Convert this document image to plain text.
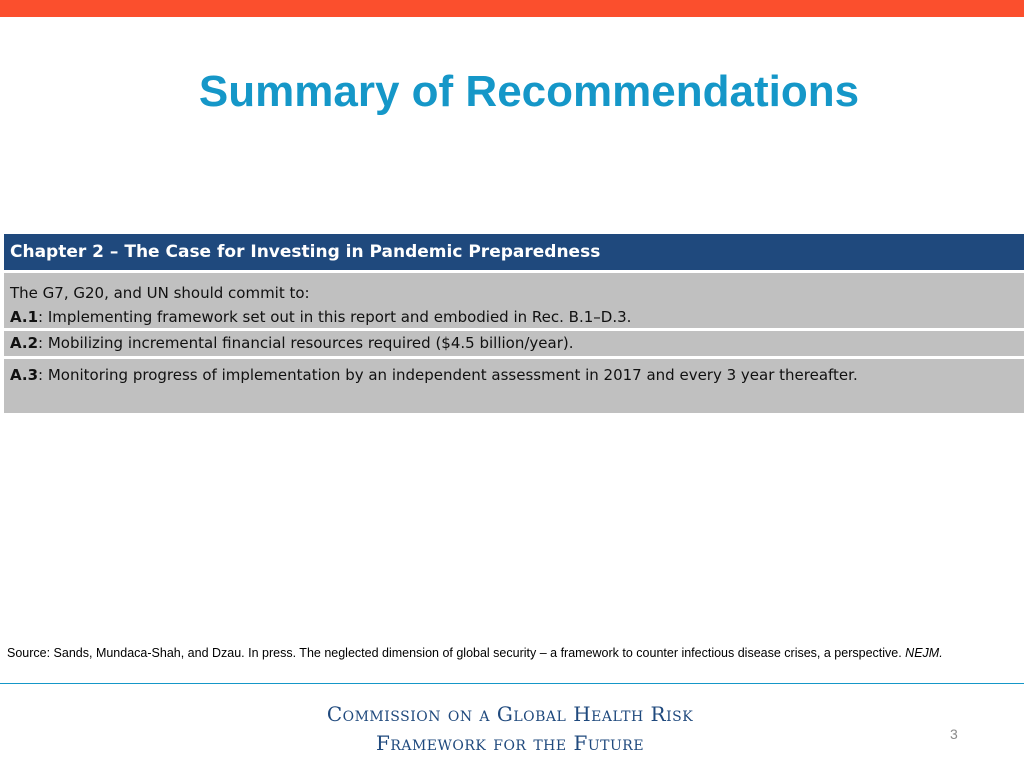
Summary of Recommendations
Chapter 2 – The Case for Investing in Pandemic Preparedness
The G7, G20, and UN should commit to:
A.1: Implementing framework set out in this report and embodied in Rec. B.1–D.3.
A.2: Mobilizing incremental financial resources required ($4.5 billion/year).
A.3: Monitoring progress of implementation by an independent assessment in 2017 and every 3 year thereafter.
Source: Sands, Mundaca-Shah, and Dzau. In press. The neglected dimension of global security – a framework to counter infectious disease crises, a perspective. NEJM.
Commission on a Global Health Risk
Framework for the Future	3
